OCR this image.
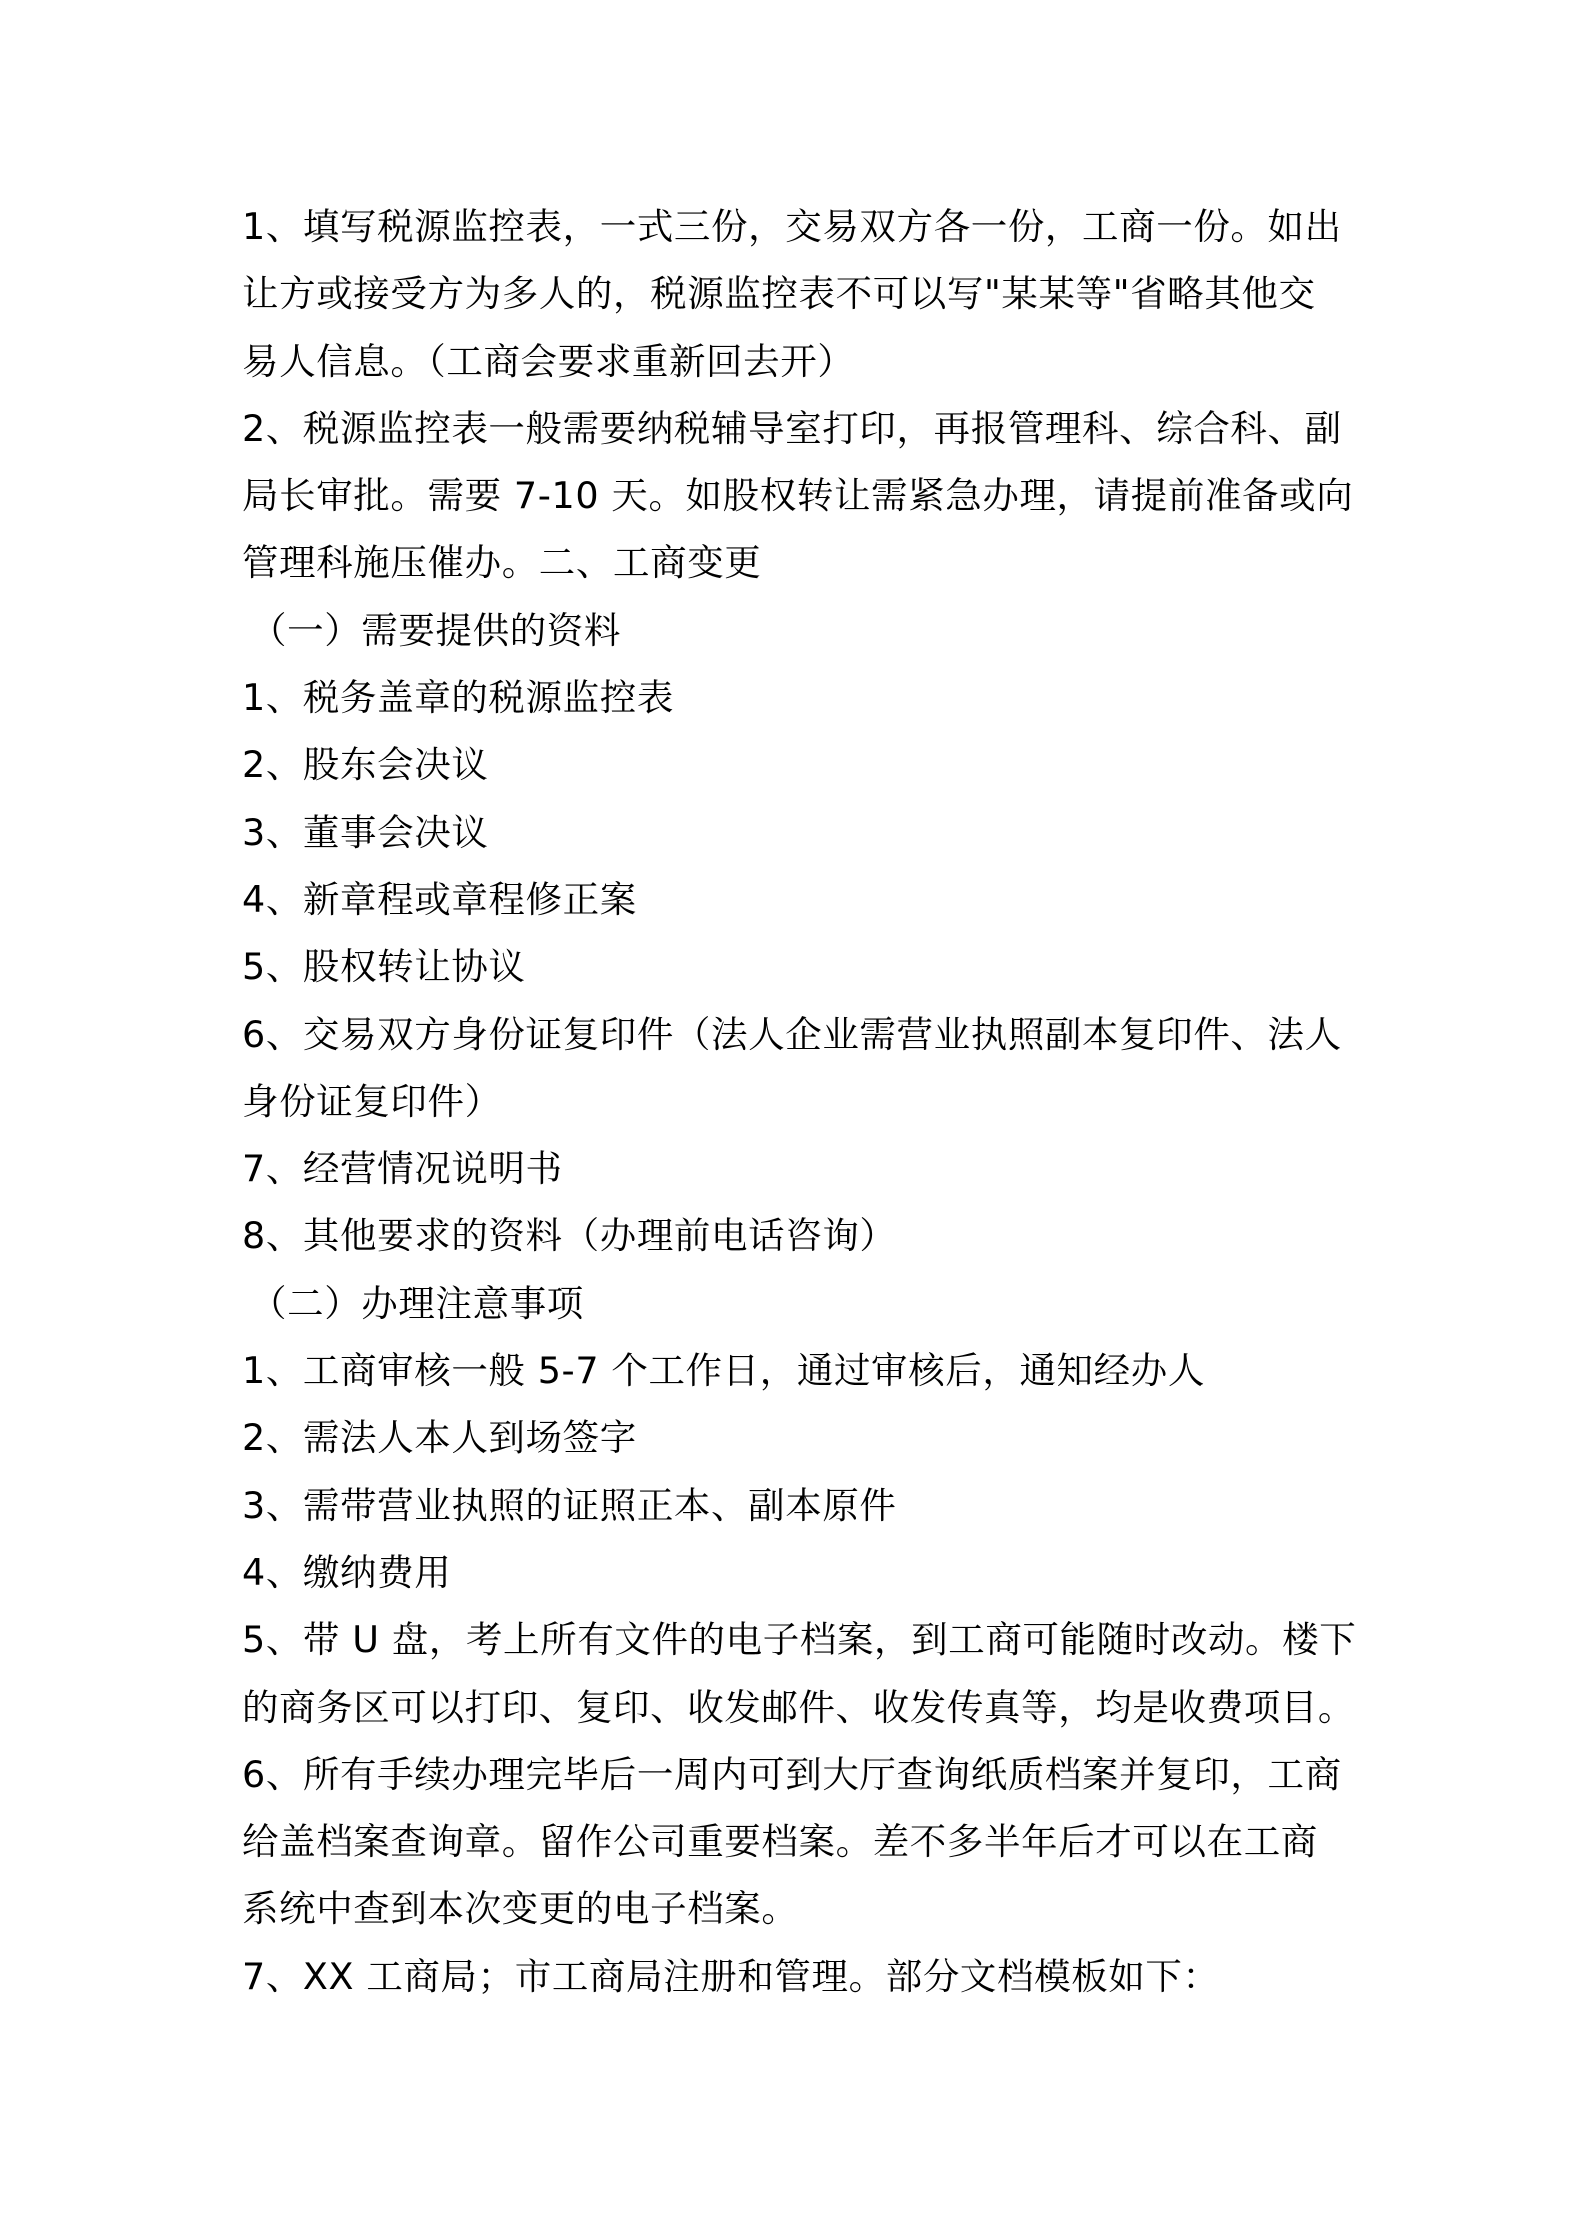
1、填写税源监控表，一式三份，交易双方各一份，工商一份。如出
让方或接受方为多人的，税源监控表不可以写"某某等"省略其他交
易人信息。（工商会要求重新回去开）
2、税源监控表一般需要纳税辅导室打印，再报管理科、综合科、副
局长审批。需要 7-10 天。如股权转让需紧急办理，请提前准备或向
管理科施压催办。二、工商变更
（一）需要提供的资料
1、税务盖章的税源监控表
2、股东会决议
3、董事会决议
4、新章程或章程修正案
5、股权转让协议
6、交易双方身份证复印件（法人企业需营业执照副本复印件、法人
身份证复印件）
7、经营情况说明书
8、其他要求的资料（办理前电话咨询）
（二）办理注意事项
1、工商审核一般 5-7 个工作日，通过审核后，通知经办人
2、需法人本人到场签字
3、需带营业执照的证照正本、副本原件
4、缴纳费用
5、带 U 盘，考上所有文件的电子档案，到工商可能随时改动。楼下
的商务区可以打印、复印、收发邮件、收发传真等，均是收费项目。
6、所有手续办理完毕后一周内可到大厅查询纸质档案并复印，工商
给盖档案查询章。留作公司重要档案。差不多半年后才可以在工商
系统中查到本次变更的电子档案。
7、XX 工商局；市工商局注册和管理。部分文档模板如下：
